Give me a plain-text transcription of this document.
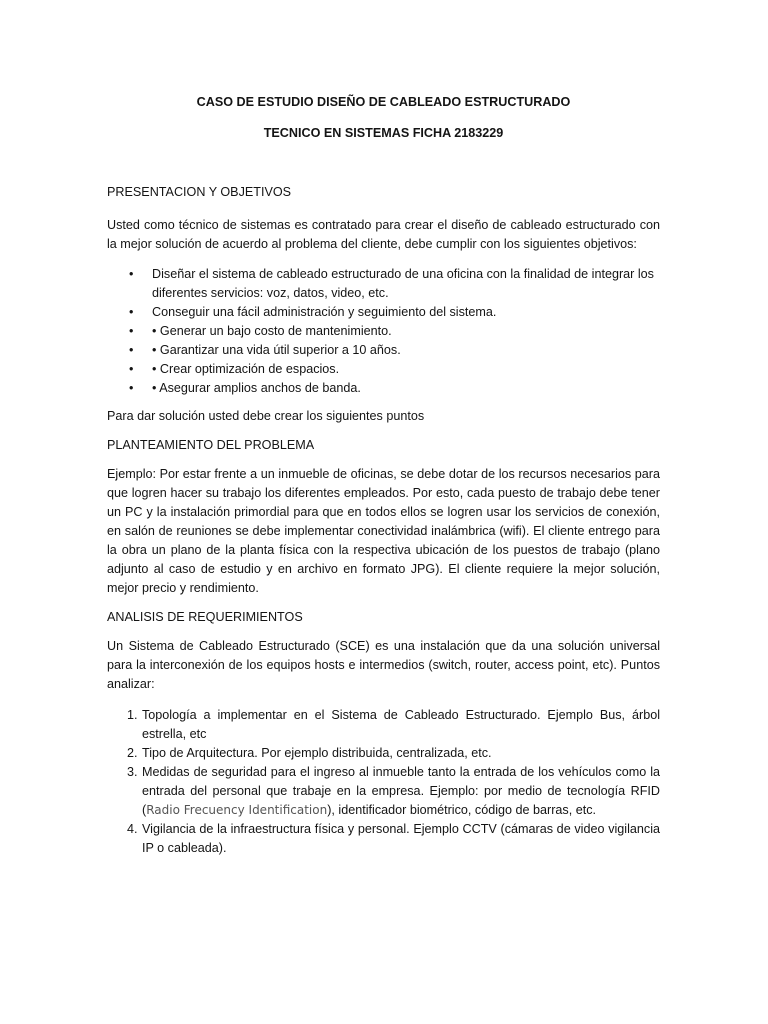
CASO DE ESTUDIO DISEÑO DE CABLEADO ESTRUCTURADO

TECNICO EN SISTEMAS FICHA 2183229

PRESENTACION Y OBJETIVOS

Usted como técnico de sistemas es contratado para crear el diseño de cableado estructurado con la mejor solución de acuerdo al problema del cliente, debe cumplir con los siguientes objetivos:

• Diseñar el sistema de cableado estructurado de una oficina con la finalidad de integrar los diferentes servicios: voz, datos, video, etc.
• Conseguir una fácil administración y seguimiento del sistema.
• • Generar un bajo costo de mantenimiento.
• • Garantizar una vida útil superior a 10 años.
• • Crear optimización de espacios.
• • Asegurar amplios anchos de banda.

Para dar solución usted debe crear los siguientes puntos

PLANTEAMIENTO DEL PROBLEMA

Ejemplo: Por estar frente a un inmueble de oficinas, se debe dotar de los recursos necesarios para que logren hacer su trabajo los diferentes empleados. Por esto, cada puesto de trabajo debe tener un PC y la instalación primordial para que en todos ellos se logren usar los servicios de conexión, en salón de reuniones se debe implementar conectividad inalámbrica (wifi). El cliente entrego para la obra un plano de la planta física con la respectiva ubicación de los puestos de trabajo (plano adjunto al caso de estudio y en archivo en formato JPG). El cliente requiere la mejor solución, mejor precio y rendimiento.

ANALISIS DE REQUERIMIENTOS

Un Sistema de Cableado Estructurado (SCE) es una instalación que da una solución universal para la interconexión de los equipos hosts e intermedios (switch, router, access point, etc). Puntos analizar:

1. Topología a implementar en el Sistema de Cableado Estructurado. Ejemplo Bus, árbol estrella, etc
2. Tipo de Arquitectura. Por ejemplo distribuida, centralizada, etc.
3. Medidas de seguridad para el ingreso al inmueble tanto la entrada de los vehículos como la entrada del personal que trabaje en la empresa. Ejemplo: por medio de tecnología RFID (Radio Frecuency Identification), identificador biométrico, código de barras, etc.
4. Vigilancia de la infraestructura física y personal. Ejemplo CCTV (cámaras de video vigilancia IP o cableada).
